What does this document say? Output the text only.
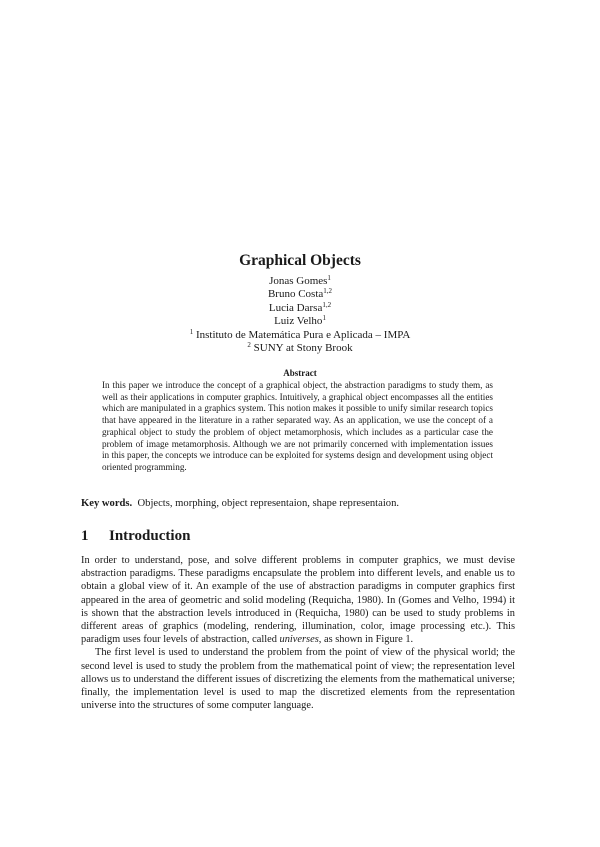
Graphical Objects
Jonas Gomes$^1$
Bruno Costa$^{1,2}$
Lucia Darsa$^{1,2}$
Luiz Velho$^1$
$^1$ Instituto de Matemática Pura e Aplicada – IMPA
$^2$ SUNY at Stony Brook
Abstract
In this paper we introduce the concept of a graphical object, the abstraction paradigms to study them, as well as their applications in computer graphics. Intuitively, a graphical object encompasses all the entities which are manipulated in a graphics system. This notion makes it possible to unify similar research topics that have appeared in the literature in a rather separated way. As an application, we use the concept of a graphical object to study the problem of object metamorphosis, which includes as a particular case the problem of image metamorphosis. Although we are not primarily concerned with implementation issues in this paper, the concepts we introduce can be exploited for systems design and development using object oriented programming.
Key words. Objects, morphing, object representaion, shape representaion.
1 Introduction

In order to understand, pose, and solve different problems in computer graphics, we must devise abstraction paradigms. These paradigms encapsulate the problem into different levels, and enable us to obtain a global view of it. An example of the use of abstraction paradigms in computer graphics first appeared in the area of geometric and solid modeling (Requicha, 1980). In (Gomes and Velho, 1994) it is shown that the abstraction levels introduced in (Requicha, 1980) can be used to study problems in different areas of graphics (modeling, rendering, illumination, color, image processing etc.). This paradigm uses four levels of abstraction, called universes, as shown in Figure 1.

The first level is used to understand the problem from the point of view of the physical world; the second level is used to study the problem from the mathematical point of view; the representation level allows us to understand the different issues of discretizing the elements from the mathematical universe; finally, the implementation level is used to map the discretized elements from the representation universe into the structures of some computer language.
